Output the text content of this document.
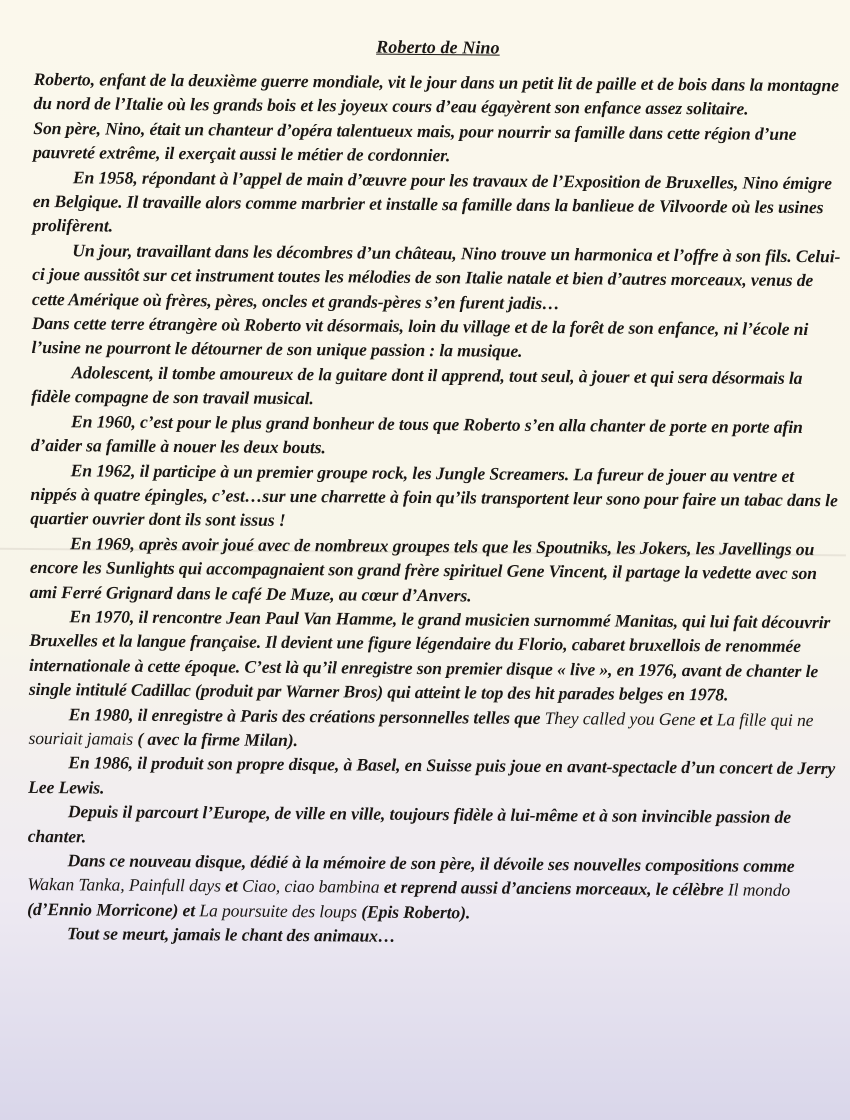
Roberto de Nino

Roberto, enfant de la deuxième guerre mondiale, vit le jour dans un petit lit de paille et de bois dans la montagne du nord de l’Italie où les grands bois et les joyeux cours d’eau égayèrent son enfance assez solitaire.

Son père, Nino, était un chanteur d’opéra talentueux mais, pour nourrir sa famille dans cette région d’une pauvreté extrême, il exerçait aussi le métier de cordonnier.

En 1958, répondant à l’appel de main d’œuvre pour les travaux de l’Exposition de Bruxelles, Nino émigre en Belgique. Il travaille alors comme marbrier et installe sa famille dans la banlieue de Vilvoorde où les usines prolifèrent.

Un jour, travaillant dans les décombres d’un château, Nino trouve un harmonica et l’offre à son fils. Celui-ci joue aussitôt sur cet instrument toutes les mélodies de son Italie natale et bien d’autres morceaux, venus de cette Amérique où frères, pères, oncles et grands-pères s’en furent jadis…

Dans cette terre étrangère où Roberto vit désormais, loin du village et de la forêt de son enfance, ni l’école ni l’usine ne pourront le détourner de son unique passion : la musique.

Adolescent, il tombe amoureux de la guitare dont il apprend, tout seul, à jouer et qui sera désormais la fidèle compagne de son travail musical.

En 1960, c’est pour le plus grand bonheur de tous que Roberto s’en alla chanter de porte en porte afin d’aider sa famille à nouer les deux bouts.

En 1962, il participe à un premier groupe rock, les Jungle Screamers. La fureur de jouer au ventre et nippés à quatre épingles, c’est…sur une charrette à foin qu’ils transportent leur sono pour faire un tabac dans le quartier ouvrier dont ils sont issus !

En 1969, après avoir joué avec de nombreux groupes tels que les Spoutniks, les Jokers, les Javellings ou encore les Sunlights qui accompagnaient son grand frère spirituel Gene Vincent, il partage la vedette avec son ami Ferré Grignard dans le café De Muze, au cœur d’Anvers.

En 1970, il rencontre Jean Paul Van Hamme, le grand musicien surnommé Manitas, qui lui fait découvrir Bruxelles et la langue française. Il devient une figure légendaire du Florio, cabaret bruxellois de renommée internationale à cette époque. C’est là qu’il enregistre son premier disque « live », en 1976, avant de chanter le single intitulé Cadillac (produit par Warner Bros) qui atteint le top des hit parades belges en 1978.

En 1980, il enregistre à Paris des créations personnelles telles que They called you Gene et La fille qui ne souriait jamais ( avec la firme Milan).

En 1986, il produit son propre disque, à Basel, en Suisse puis joue en avant-spectacle d’un concert de Jerry Lee Lewis.

Depuis il parcourt l’Europe, de ville en ville, toujours fidèle à lui-même et à son invincible passion de chanter.

Dans ce nouveau disque, dédié à la mémoire de son père, il dévoile ses nouvelles compositions comme Wakan Tanka, Painfull days et Ciao, ciao bambina et reprend aussi d’anciens morceaux, le célèbre Il mondo (d’Ennio Morricone) et La poursuite des loups (Epis Roberto).

Tout se meurt, jamais le chant des animaux…
